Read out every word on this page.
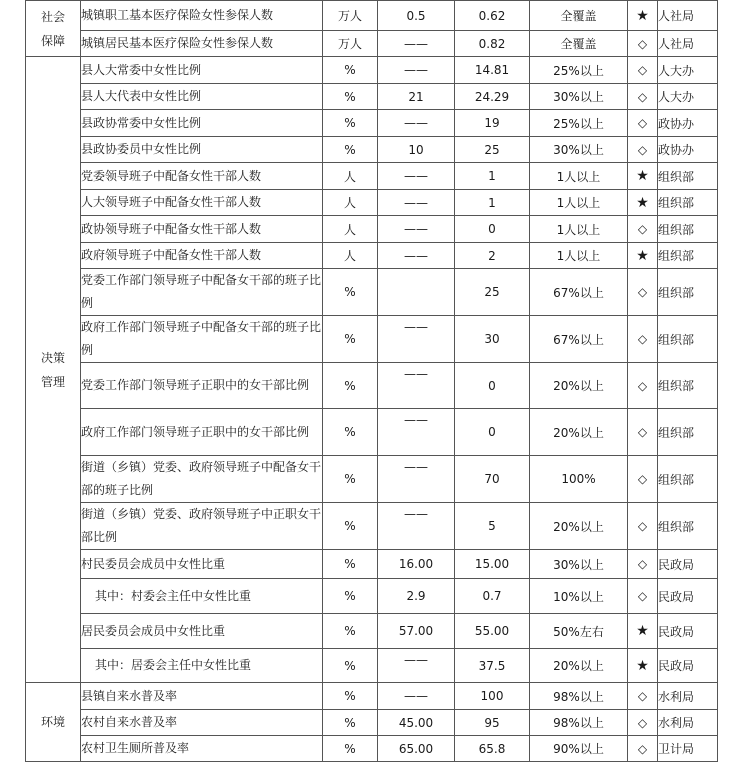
社会
保障	城镇职工基本医疗保险女性参保人数	万人	0.5	0.62	全覆盖	★	人社局
	城镇居民基本医疗保险女性参保人数	万人	——	0.82	全覆盖	◇	人社局

决策
管理	县人大常委中女性比例	%	——	14.81	25%以上	◇	人大办
	县人大代表中女性比例	%	21	24.29	30%以上	◇	人大办
	县政协常委中女性比例	%	——	19	25%以上	◇	政协办
	县政协委员中女性比例	%	10	25	30%以上	◇	政协办
	党委领导班子中配备女性干部人数	人	——	1	1人以上	★	组织部
	人大领导班子中配备女性干部人数	人	——	1	1人以上	★	组织部
	政协领导班子中配备女性干部人数	人	——	0	1人以上	◇	组织部
	政府领导班子中配备女性干部人数	人	——	2	1人以上	★	组织部
	党委工作部门领导班子中配备女干部的班子比例	%		25	67%以上	◇	组织部
	政府工作部门领导班子中配备女干部的班子比例	%	——	30	67%以上	◇	组织部
	党委工作部门领导班子正职中的女干部比例	%	——	0	20%以上	◇	组织部
	政府工作部门领导班子正职中的女干部比例	%	——	0	20%以上	◇	组织部
	街道（乡镇）党委、政府领导班子中配备女干部的班子比例	%	——	70	100%	◇	组织部
	街道（乡镇）党委、政府领导班子中正职女干部比例	%	——	5	20%以上	◇	组织部
	村民委员会成员中女性比重	%	16.00	15.00	30%以上	◇	民政局
	其中：村委会主任中女性比重	%	2.9	0.7	10%以上	◇	民政局
	居民委员会成员中女性比重	%	57.00	55.00	50%左右	★	民政局
	其中：居委会主任中女性比重	%	——	37.5	20%以上	★	民政局

环境	县镇自来水普及率	%	——	100	98%以上	◇	水利局
	农村自来水普及率	%	45.00	95	98%以上	◇	水利局
	农村卫生厕所普及率	%	65.00	65.8	90%以上	◇	卫计局
